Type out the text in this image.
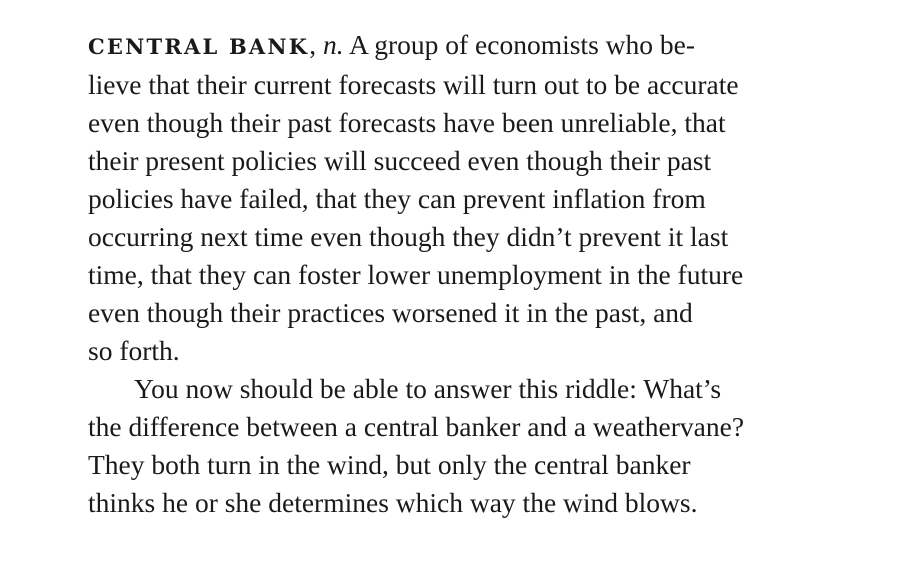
CENTRAL BANK, n. A group of economists who be-
lieve that their current forecasts will turn out to be accurate
even though their past forecasts have been unreliable, that
their present policies will succeed even though their past
policies have failed, that they can prevent inflation from
occurring next time even though they didn’t prevent it last
time, that they can foster lower unemployment in the future
even though their practices worsened it in the past, and
so forth.
You now should be able to answer this riddle: What’s
the difference between a central banker and a weathervane?
They both turn in the wind, but only the central banker
thinks he or she determines which way the wind blows.
